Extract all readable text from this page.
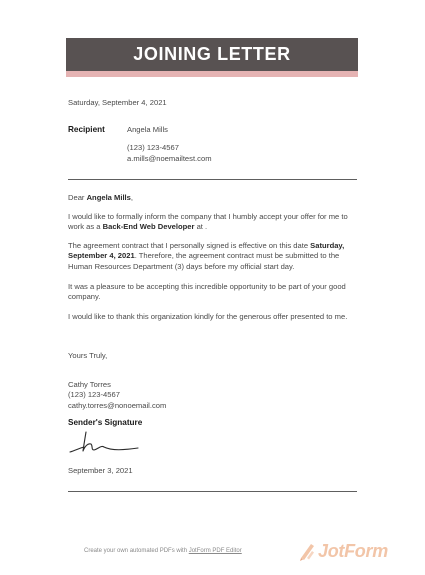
JOINING LETTER
Saturday, September 4, 2021
Recipient	Angela Mills
(123) 123-4567
a.mills@noemailtest.com

Dear Angela Mills,

I would like to formally inform the company that I humbly accept your offer for me to work as a Back-End Web Developer at .

The agreement contract that I personally signed is effective on this date Saturday, September 4, 2021. Therefore, the agreement contract must be submitted to the Human Resources Department (3) days before my official start day.

It was a pleasure to be accepting this incredible opportunity to be part of your good company.

I would like to thank this organization kindly for the generous offer presented to me.

Yours Truly,
Cathy Torres
(123) 123-4567
cathy.torres@nonoemail.com
Sender's Signature
September 3, 2021
Create your own automated PDFs with JotForm PDF Editor	JotForm
